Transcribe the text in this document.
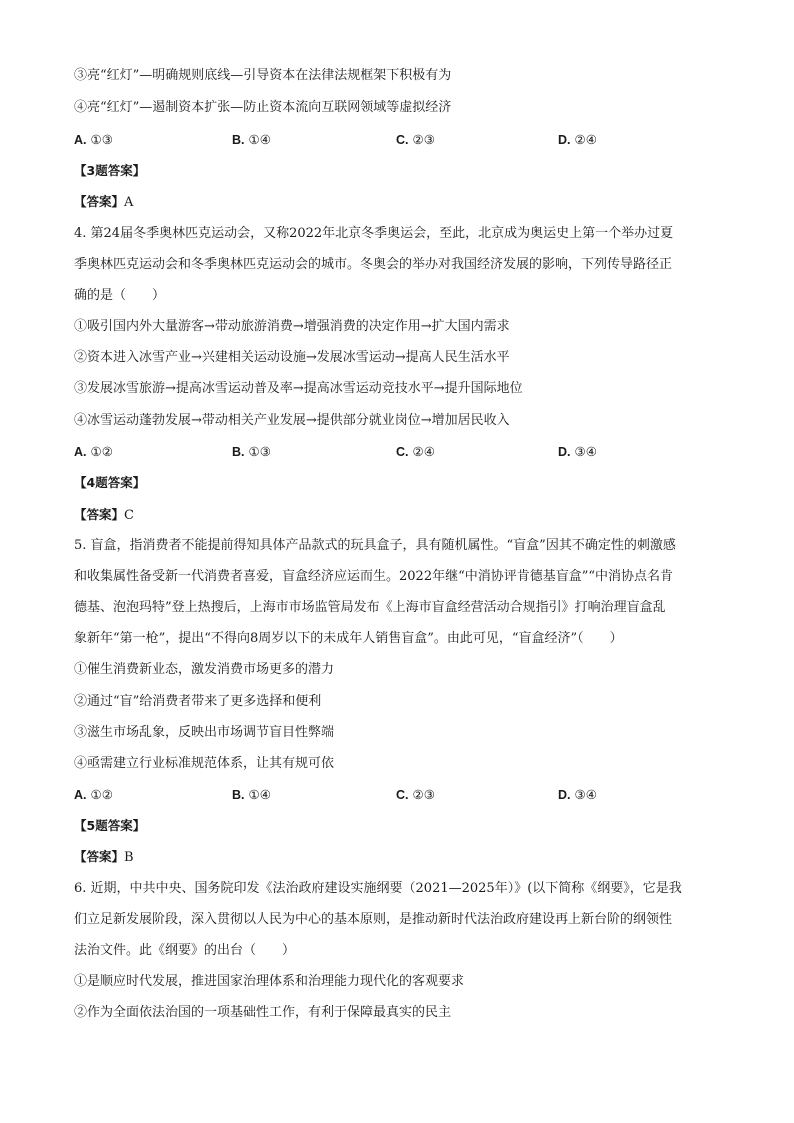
③亮“红灯”—明确规则底线—引导资本在法律法规框架下积极有为
④亮“红灯”—遏制资本扩张—防止资本流向互联网领域等虚拟经济
A. ①③	B. ①④	C. ②③	D. ②④
【3题答案】
【答案】A
4. 第24届冬季奥林匹克运动会，又称2022年北京冬季奥运会，至此，北京成为奥运史上第一个举办过夏
季奥林匹克运动会和冬季奥林匹克运动会的城市。冬奥会的举办对我国经济发展的影响，下列传导路径正
确的是（　　）
①吸引国内外大量游客→带动旅游消费→增强消费的决定作用→扩大国内需求
②资本进入冰雪产业→兴建相关运动设施→发展冰雪运动→提高人民生活水平
③发展冰雪旅游→提高冰雪运动普及率→提高冰雪运动竞技水平→提升国际地位
④冰雪运动蓬勃发展→带动相关产业发展→提供部分就业岗位→增加居民收入
A. ①②	B. ①③	C. ②④	D. ③④
【4题答案】
【答案】C
5. 盲盒，指消费者不能提前得知具体产品款式的玩具盒子，具有随机属性。“盲盒”因其不确定性的刺激感
和收集属性备受新一代消费者喜爱，盲盒经济应运而生。2022年继“中消协评肯德基盲盒”“中消协点名肯
德基、泡泡玛特”登上热搜后，上海市市场监管局发布《上海市盲盒经营活动合规指引》打响治理盲盒乱
象新年“第一枪”，提出“不得向8周岁以下的未成年人销售盲盒”。由此可见，“盲盒经济”（　　）
①催生消费新业态，激发消费市场更多的潜力
②通过“盲”给消费者带来了更多选择和便利
③滋生市场乱象，反映出市场调节盲目性弊端
④亟需建立行业标准规范体系，让其有规可依
A. ①②	B. ①④	C. ②③	D. ③④
【5题答案】
【答案】B
6. 近期，中共中央、国务院印发《法治政府建设实施纲要（2021—2025年）》(以下简称《纲要》，它是我
们立足新发展阶段，深入贯彻以人民为中心的基本原则，是推动新时代法治政府建设再上新台阶的纲领性
法治文件。此《纲要》的出台（　　）
①是顺应时代发展，推进国家治理体系和治理能力现代化的客观要求
②作为全面依法治国的一项基础性工作，有利于保障最真实的民主
